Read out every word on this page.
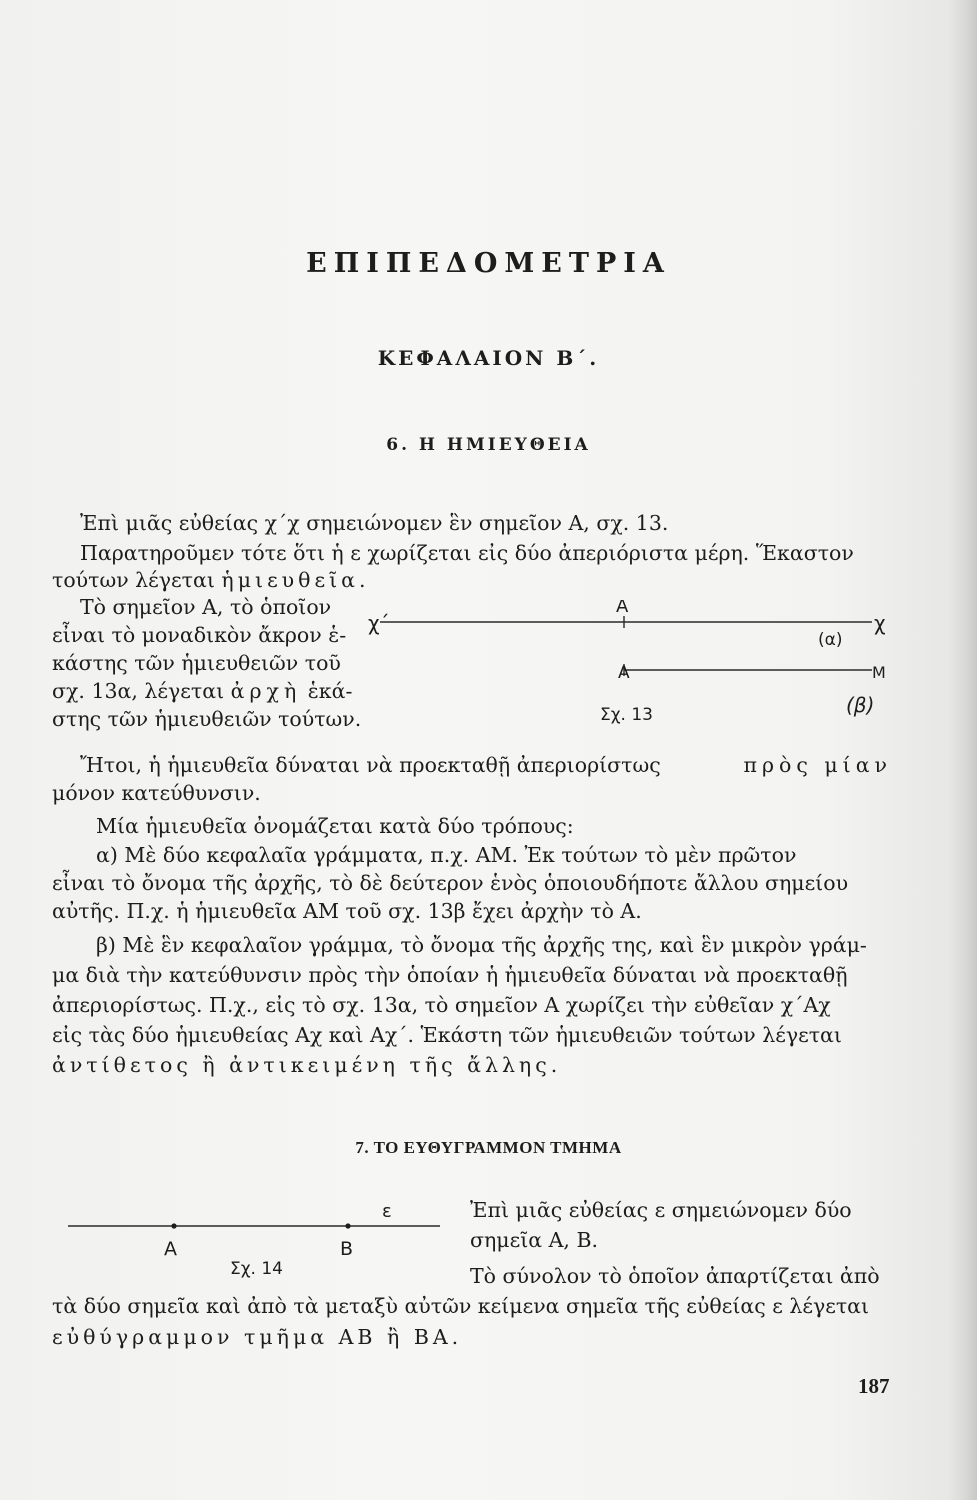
ΕΠΙΠΕΔΟΜΕΤΡΙΑ
ΚΕΦΑΛΑΙΟΝ Β΄.
6. Η ΗΜΙΕΥΘΕΙΑ
Ἐπὶ μιᾶς εὐθείας χ΄χ σημειώνομεν ἓν σημεῖον Α, σχ. 13.
Παρατηροῦμεν τότε ὅτι ἡ ε χωρίζεται εἰς δύο ἀπεριόριστα μέρη. Ἕκαστον
τούτων λέγεται ἡμιευθεῖα.
Τὸ σημεῖον Α, τὸ ὁποῖον
εἶναι τὸ μοναδικὸν ἄκρον ἑ-
κάστης τῶν ἡμιευθειῶν τοῦ
σχ. 13α, λέγεται ἀρχὴ ἑκά-
στης τῶν ἡμιευθειῶν τούτων.
χ΄	χ
Α
(α)
Α	Μ
(β)
Σχ. 13
Ἤτοι, ἡ ἡμιευθεῖα δύναται νὰ προεκταθῇ ἀπεριορίστως	πρὸς μίαν
μόνον κατεύθυνσιν.
Μία ἡμιευθεῖα ὀνομάζεται κατὰ δύο τρόπους:
α) Μὲ δύο κεφαλαῖα γράμματα, π.χ. ΑΜ. Ἐκ τούτων τὸ μὲν πρῶτον
εἶναι τὸ ὄνομα τῆς ἀρχῆς, τὸ δὲ δεύτερον ἑνὸς ὁποιουδήποτε ἄλλου σημείου
αὐτῆς. Π.χ. ἡ ἡμιευθεῖα ΑΜ τοῦ σχ. 13β ἔχει ἀρχὴν τὸ Α.
β) Μὲ ἓν κεφαλαῖον γράμμα, τὸ ὄνομα τῆς ἀρχῆς της, καὶ ἓν μικρὸν γράμ-
μα διὰ τὴν κατεύθυνσιν πρὸς τὴν ὁποίαν ἡ ἡμιευθεῖα δύναται νὰ προεκταθῇ
ἀπεριορίστως. Π.χ., εἰς τὸ σχ. 13α, τὸ σημεῖον Α χωρίζει τὴν εὐθεῖαν χ΄Αχ
εἰς τὰς δύο ἡμιευθείας Αχ καὶ Αχ΄. Ἑκάστη τῶν ἡμιευθειῶν τούτων λέγεται
ἀντίθετος ἢ ἀντικειμένη τῆς ἄλλης.
7. ΤΟ ΕΥΘΥΓΡΑΜΜΟΝ ΤΜΗΜΑ
ε
Α	Β
Σχ. 14
Ἐπὶ μιᾶς εὐθείας ε σημειώνομεν δύο
σημεῖα Α, Β.
Τὸ σύνολον τὸ ὁποῖον ἀπαρτίζεται ἀπὸ
τὰ δύο σημεῖα καὶ ἀπὸ τὰ μεταξὺ αὐτῶν κείμενα σημεῖα τῆς εὐθείας ε λέγεται
εὐθύγραμμον τμῆμα ΑΒ ἢ ΒΑ.
187
